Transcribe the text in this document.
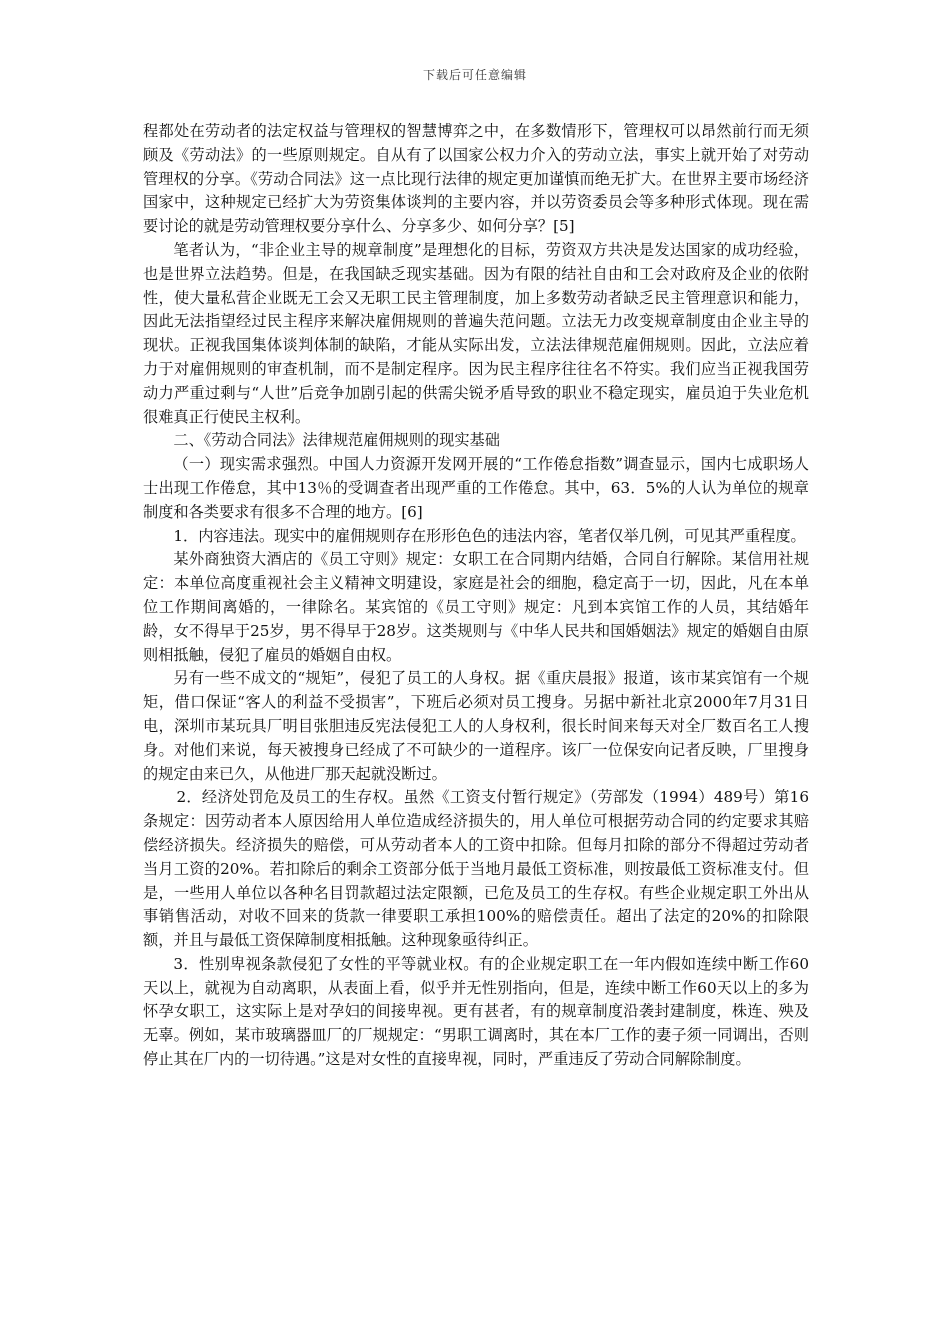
下载后可任意编辑

程都处在劳动者的法定权益与管理权的智慧博弈之中，在多数情形下，管理权可以昂然前行而无须顾及《劳动法》的一些原则规定。自从有了以国家公权力介入的劳动立法，事实上就开始了对劳动管理权的分享。《劳动合同法》这一点比现行法律的规定更加谨慎而绝无扩大。在世界主要市场经济国家中，这种规定已经扩大为劳资集体谈判的主要内容，并以劳资委员会等多种形式体现。现在需要讨论的就是劳动管理权要分享什么、分享多少、如何分享？[5]

笔者认为，“非企业主导的规章制度”是理想化的目标，劳资双方共决是发达国家的成功经验，也是世界立法趋势。但是，在我国缺乏现实基础。因为有限的结社自由和工会对政府及企业的依附性，使大量私营企业既无工会又无职工民主管理制度，加上多数劳动者缺乏民主管理意识和能力，因此无法指望经过民主程序来解决雇佣规则的普遍失范问题。立法无力改变规章制度由企业主导的现状。正视我国集体谈判体制的缺陷，才能从实际出发，立法法律规范雇佣规则。因此，立法应着力于对雇佣规则的审查机制，而不是制定程序。因为民主程序往往名不符实。我们应当正视我国劳动力严重过剩与“人世”后竞争加剧引起的供需尖锐矛盾导致的职业不稳定现实，雇员迫于失业危机很难真正行使民主权利。

二、《劳动合同法》法律规范雇佣规则的现实基础

（一）现实需求强烈。中国人力资源开发网开展的“工作倦怠指数”调查显示，国内七成职场人士出现工作倦怠，其中13％的受调查者出现严重的工作倦怠。其中，63．5%的人认为单位的规章制度和各类要求有很多不合理的地方。[6]

1．内容违法。现实中的雇佣规则存在形形色色的违法内容，笔者仅举几例，可见其严重程度。

某外商独资大酒店的《员工守则》规定：女职工在合同期内结婚，合同自行解除。某信用社规定：本单位高度重视社会主义精神文明建设，家庭是社会的细胞，稳定高于一切，因此，凡在本单位工作期间离婚的，一律除名。某宾馆的《员工守则》规定：凡到本宾馆工作的人员，其结婚年龄，女不得早于25岁，男不得早于28岁。这类规则与《中华人民共和国婚姻法》规定的婚姻自由原则相抵触，侵犯了雇员的婚姻自由权。

另有一些不成文的“规矩”，侵犯了员工的人身权。据《重庆晨报》报道，该市某宾馆有一个规矩，借口保证“客人的利益不受损害”，下班后必须对员工搜身。另据中新社北京2000年7月31日电，深圳市某玩具厂明目张胆违反宪法侵犯工人的人身权利，很长时间来每天对全厂数百名工人搜身。对他们来说，每天被搜身已经成了不可缺少的一道程序。该厂一位保安向记者反映，厂里搜身的规定由来已久，从他进厂那天起就没断过。

2．经济处罚危及员工的生存权。虽然《工资支付暂行规定》（劳部发（1994）489号）第16条规定：因劳动者本人原因给用人单位造成经济损失的，用人单位可根据劳动合同的约定要求其赔偿经济损失。经济损失的赔偿，可从劳动者本人的工资中扣除。但每月扣除的部分不得超过劳动者当月工资的20%。若扣除后的剩余工资部分低于当地月最低工资标准，则按最低工资标准支付。但是，一些用人单位以各种名目罚款超过法定限额，已危及员工的生存权。有些企业规定职工外出从事销售活动，对收不回来的货款一律要职工承担100%的赔偿责任。超出了法定的20%的扣除限额，并且与最低工资保障制度相抵触。这种现象亟待纠正。

3．性别卑视条款侵犯了女性的平等就业权。有的企业规定职工在一年内假如连续中断工作60天以上，就视为自动离职，从表面上看，似乎并无性别指向，但是，连续中断工作60天以上的多为怀孕女职工，这实际上是对孕妇的间接卑视。更有甚者，有的规章制度沿袭封建制度，株连、殃及无辜。例如，某市玻璃器皿厂的厂规规定：“男职工调离时，其在本厂工作的妻子须一同调出，否则停止其在厂内的一切待遇。”这是对女性的直接卑视，同时，严重违反了劳动合同解除制度。
